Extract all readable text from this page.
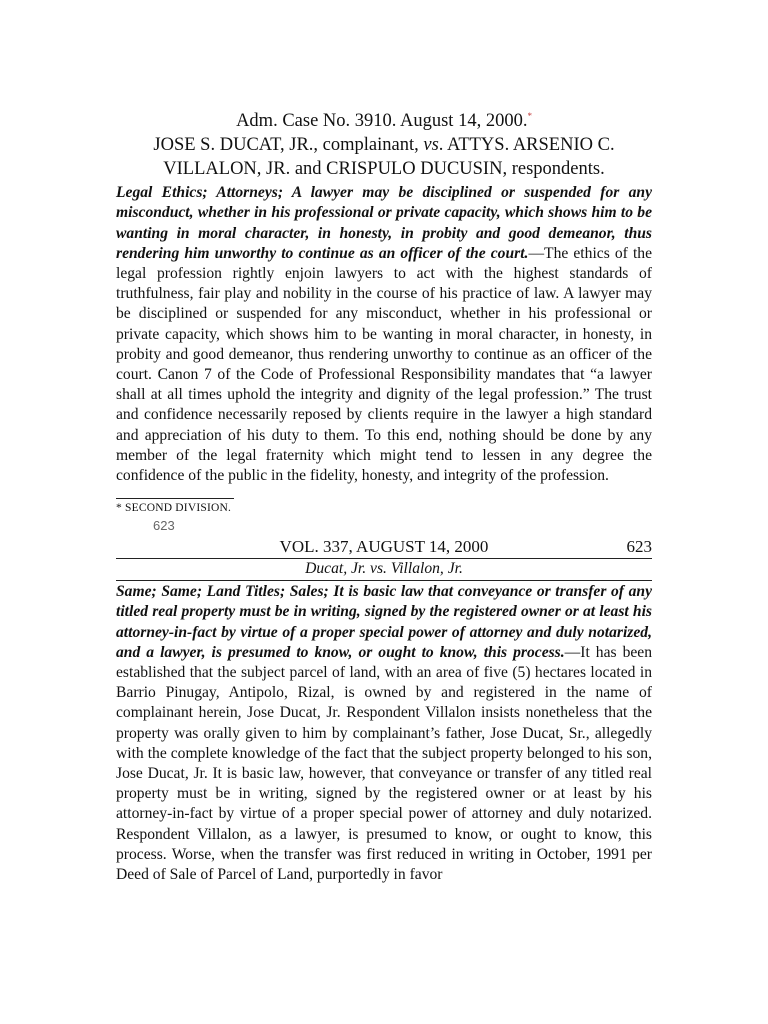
Adm. Case No. 3910. August 14, 2000.*
JOSE S. DUCAT, JR., complainant, vs. ATTYS. ARSENIO C.
VILLALON, JR. and CRISPULO DUCUSIN, respondents.

Legal Ethics; Attorneys; A lawyer may be disciplined or suspended for any misconduct, whether in his professional or private capacity, which shows him to be wanting in moral character, in honesty, in probity and good demeanor, thus rendering him unworthy to continue as an officer of the court.—The ethics of the legal profession rightly enjoin lawyers to act with the highest standards of truthfulness, fair play and nobility in the course of his practice of law. A lawyer may be disciplined or suspended for any misconduct, whether in his professional or private capacity, which shows him to be wanting in moral character, in honesty, in probity and good demeanor, thus rendering unworthy to continue as an officer of the court. Canon 7 of the Code of Professional Responsibility mandates that “a lawyer shall at all times uphold the integrity and dignity of the legal profession.” The trust and confidence necessarily reposed by clients require in the lawyer a high standard and appreciation of his duty to them. To this end, nothing should be done by any member of the legal fraternity which might tend to lessen in any degree the confidence of the public in the fidelity, honesty, and integrity of the profession.

* SECOND DIVISION.
623
VOL. 337, AUGUST 14, 2000	623
Ducat, Jr. vs. Villalon, Jr.

Same; Same; Land Titles; Sales; It is basic law that conveyance or transfer of any titled real property must be in writing, signed by the registered owner or at least his attorney-in-fact by virtue of a proper special power of attorney and duly notarized, and a lawyer, is presumed to know, or ought to know, this process.—It has been established that the subject parcel of land, with an area of five (5) hectares located in Barrio Pinugay, Antipolo, Rizal, is owned by and registered in the name of complainant herein, Jose Ducat, Jr. Respondent Villalon insists nonetheless that the property was orally given to him by complainant’s father, Jose Ducat, Sr., allegedly with the complete knowledge of the fact that the subject property belonged to his son, Jose Ducat, Jr. It is basic law, however, that conveyance or transfer of any titled real property must be in writing, signed by the registered owner or at least by his attorney-in-fact by virtue of a proper special power of attorney and duly notarized. Respondent Villalon, as a lawyer, is presumed to know, or ought to know, this process. Worse, when the transfer was first reduced in writing in October, 1991 per Deed of Sale of Parcel of Land, purportedly in favor
